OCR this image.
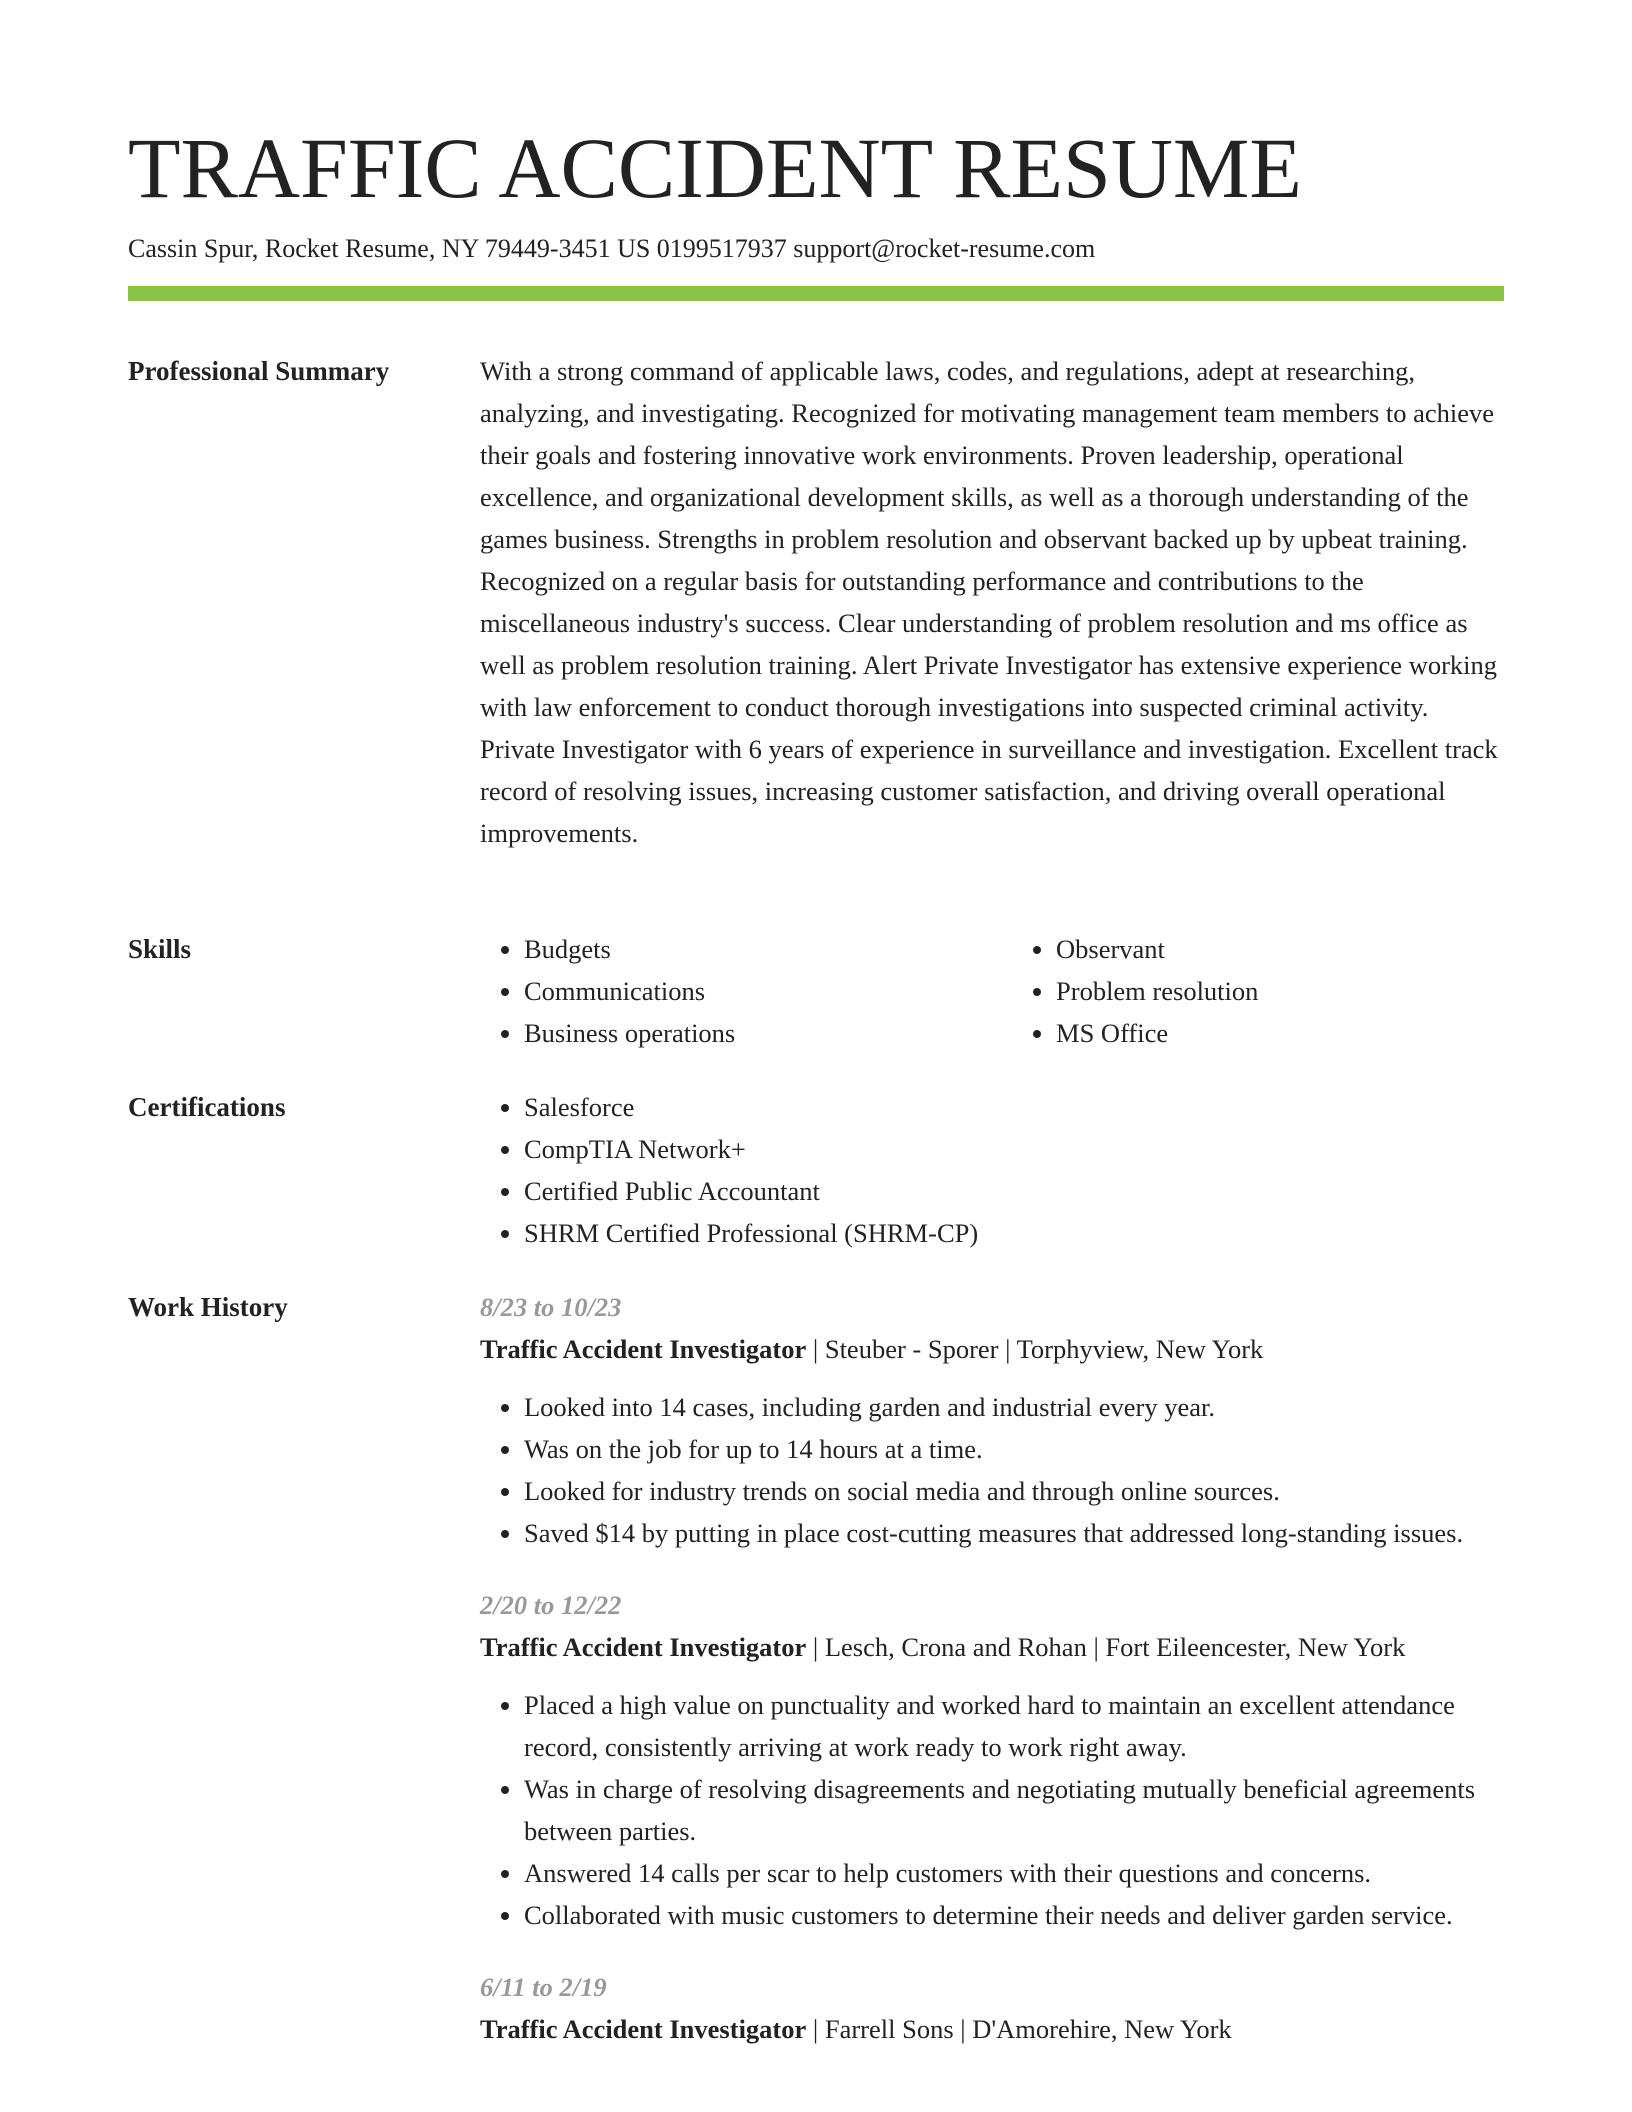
TRAFFIC ACCIDENT RESUME
Cassin Spur, Rocket Resume, NY 79449-3451 US 0199517937 support@rocket-resume.com
Professional Summary	With a strong command of applicable laws, codes, and regulations, adept at researching, analyzing, and investigating. Recognized for motivating management team members to achieve their goals and fostering innovative work environments. Proven leadership, operational excellence, and organizational development skills, as well as a thorough understanding of the games business. Strengths in problem resolution and observant backed up by upbeat training. Recognized on a regular basis for outstanding performance and contributions to the miscellaneous industry's success. Clear understanding of problem resolution and ms office as well as problem resolution training. Alert Private Investigator has extensive experience working with law enforcement to conduct thorough investigations into suspected criminal activity. Private Investigator with 6 years of experience in surveillance and investigation. Excellent track record of resolving issues, increasing customer satisfaction, and driving overall operational improvements.

Skills	• Budgets
• Communications
• Business operations
• Observant
• Problem resolution
• MS Office
Certifications	• Salesforce
• CompTIA Network+
• Certified Public Accountant
• SHRM Certified Professional (SHRM-CP)
Work History	8/23 to 10/23
Traffic Accident Investigator | Steuber - Sporer | Torphyview, New York
• Looked into 14 cases, including garden and industrial every year.
• Was on the job for up to 14 hours at a time.
• Looked for industry trends on social media and through online sources.
• Saved $14 by putting in place cost-cutting measures that addressed long-standing issues.
2/20 to 12/22
Traffic Accident Investigator | Lesch, Crona and Rohan | Fort Eileencester, New York
• Placed a high value on punctuality and worked hard to maintain an excellent attendance record, consistently arriving at work ready to work right away.
• Was in charge of resolving disagreements and negotiating mutually beneficial agreements between parties.
• Answered 14 calls per scar to help customers with their questions and concerns.
• Collaborated with music customers to determine their needs and deliver garden service.
6/11 to 2/19
Traffic Accident Investigator | Farrell Sons | D'Amorehire, New York
